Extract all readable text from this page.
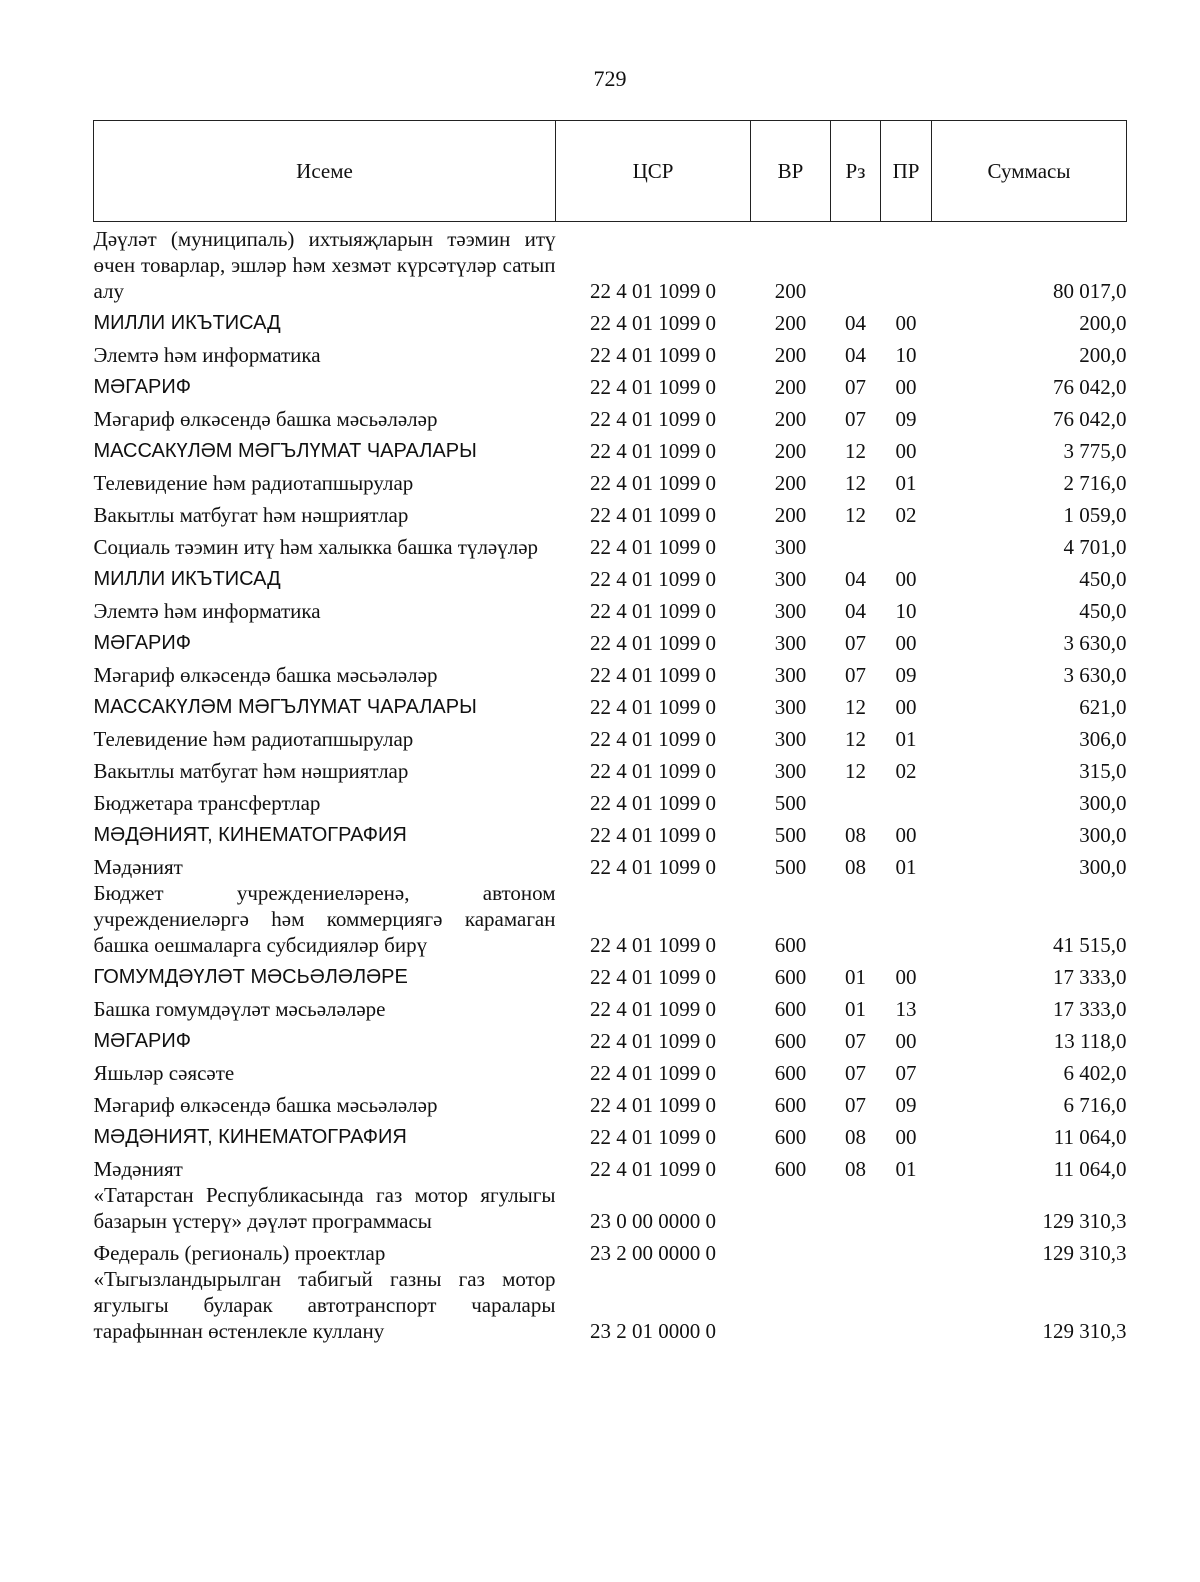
729
Исеме	ЦСР	ВР	Рз	ПР	Суммасы
Дәүләт (муниципаль) ихтыяҗларын тәэмин итү өчен товарлар, эшләр һәм хезмәт күрсәтүләр сатып алу	22 4 01 1099 0	200			80 017,0
МИЛЛИ ИКЪТИСАД	22 4 01 1099 0	200	04	00	200,0
Элемтә һәм информатика	22 4 01 1099 0	200	04	10	200,0
МӘГАРИФ	22 4 01 1099 0	200	07	00	76 042,0
Мәгариф өлкәсендә башка мәсьәләләр	22 4 01 1099 0	200	07	09	76 042,0
МАССАКҮЛӘМ МӘГЪЛҮМАТ ЧАРАЛАРЫ	22 4 01 1099 0	200	12	00	3 775,0
Телевидение һәм радиотапшырулар	22 4 01 1099 0	200	12	01	2 716,0
Вакытлы матбугат һәм нәшриятлар	22 4 01 1099 0	200	12	02	1 059,0
Социаль тәэмин итү һәм халыкка башка түләүләр	22 4 01 1099 0	300			4 701,0
МИЛЛИ ИКЪТИСАД	22 4 01 1099 0	300	04	00	450,0
Элемтә һәм информатика	22 4 01 1099 0	300	04	10	450,0
МӘГАРИФ	22 4 01 1099 0	300	07	00	3 630,0
Мәгариф өлкәсендә башка мәсьәләләр	22 4 01 1099 0	300	07	09	3 630,0
МАССАКҮЛӘМ МӘГЪЛҮМАТ ЧАРАЛАРЫ	22 4 01 1099 0	300	12	00	621,0
Телевидение һәм радиотапшырулар	22 4 01 1099 0	300	12	01	306,0
Вакытлы матбугат һәм нәшриятлар	22 4 01 1099 0	300	12	02	315,0
Бюджетара трансфертлар	22 4 01 1099 0	500			300,0
МӘДӘНИЯТ, КИНЕМАТОГРАФИЯ	22 4 01 1099 0	500	08	00	300,0
Мәдәният	22 4 01 1099 0	500	08	01	300,0
Бюджет учреждениеләренә, автоном учреждениеләргә һәм коммерциягә карамаган башка оешмаларга субсидияләр бирү	22 4 01 1099 0	600			41 515,0
ГОМУМДӘҮЛӘТ МӘСЬӘЛӘЛӘРЕ	22 4 01 1099 0	600	01	00	17 333,0
Башка гомумдәүләт мәсьәләләре	22 4 01 1099 0	600	01	13	17 333,0
МӘГАРИФ	22 4 01 1099 0	600	07	00	13 118,0
Яшьләр сәясәте	22 4 01 1099 0	600	07	07	6 402,0
Мәгариф өлкәсендә башка мәсьәләләр	22 4 01 1099 0	600	07	09	6 716,0
МӘДӘНИЯТ, КИНЕМАТОГРАФИЯ	22 4 01 1099 0	600	08	00	11 064,0
Мәдәният	22 4 01 1099 0	600	08	01	11 064,0
«Татарстан Республикасында газ мотор ягулыгы базарын үстерү» дәүләт программасы	23 0 00 0000 0				129 310,3
Федераль (региональ) проектлар	23 2 00 0000 0				129 310,3
«Тыгызландырылган табигый газны газ мотор ягулыгы буларак автотранспорт чаралары тарафыннан өстенлекле куллану	23 2 01 0000 0				129 310,3
